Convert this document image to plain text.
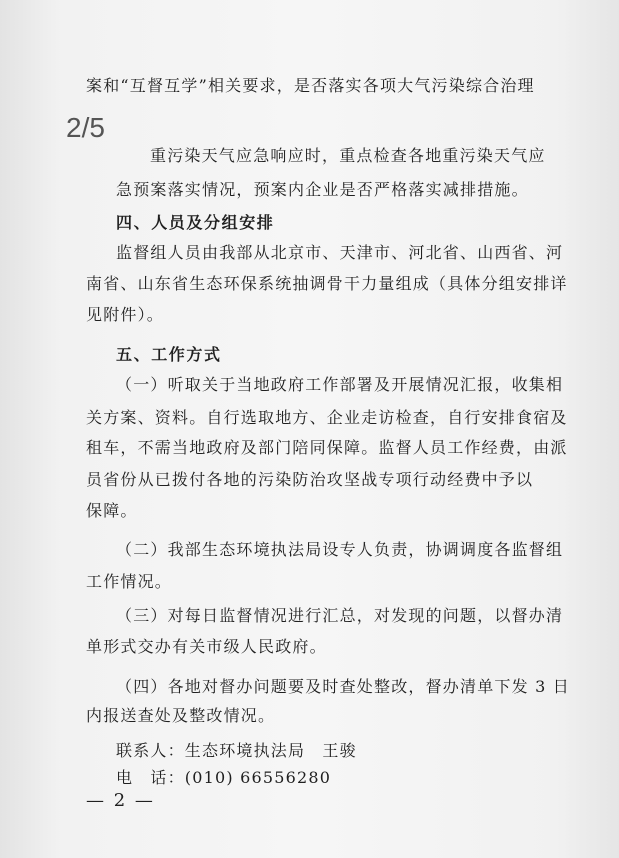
案和“互督互学”相关要求，是否落实各项大气污染综合治理
2/5
重污染天气应急响应时，重点检查各地重污染天气应
急预案落实情况，预案内企业是否严格落实减排措施。
四、人员及分组安排
监督组人员由我部从北京市、天津市、河北省、山西省、河
南省、山东省生态环保系统抽调骨干力量组成（具体分组安排详
见附件）。
五、工作方式
（一）听取关于当地政府工作部署及开展情况汇报，收集相
关方案、资料。自行选取地方、企业走访检查，自行安排食宿及
租车，不需当地政府及部门陪同保障。监督人员工作经费，由派
员省份从已拨付各地的污染防治攻坚战专项行动经费中予以
保障。
（二）我部生态环境执法局设专人负责，协调调度各监督组
工作情况。
（三）对每日监督情况进行汇总，对发现的问题，以督办清
单形式交办有关市级人民政府。
（四）各地对督办问题要及时查处整改，督办清单下发 3 日
内报送查处及整改情况。
联系人：生态环境执法局　王骏
电　话：(010) 66556280
— 2 —
